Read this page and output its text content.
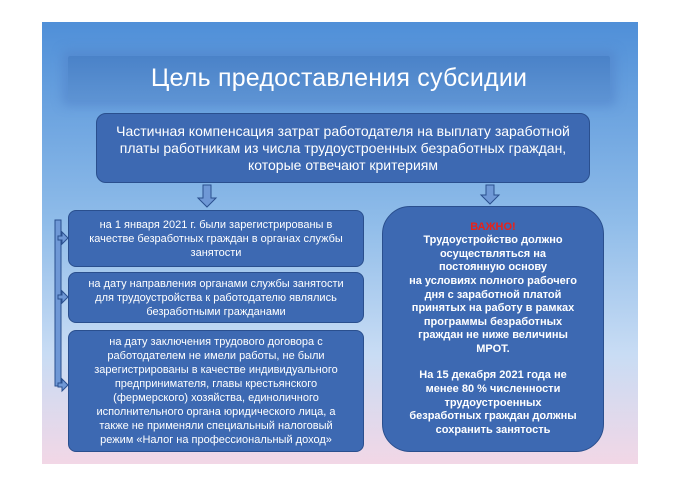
Цель предоставления субсидии
Частичная компенсация затрат работодателя на выплату заработной
платы работникам из числа трудоустроенных безработных граждан,
которые отвечают критериям
на 1 января 2021 г. были зарегистрированы в
качестве безработных граждан в органах службы
занятости
на дату направления органами службы занятости
для трудоустройства к работодателю являлись
безработными гражданами
на дату заключения трудового договора с
работодателем не имели работы, не были
зарегистрированы в качестве индивидуального
предпринимателя, главы крестьянского
(фермерского) хозяйства, единоличного
исполнительного органа юридического лица, а
также не применяли специальный налоговый
режим «Налог на профессиональный доход»
ВАЖНО!
Трудоустройство должно
осуществляться на
постоянную основу
на условиях полного рабочего
дня с заработной платой
принятых на работу в рамках
программы безработных
граждан не ниже величины
МРОТ.
На 15 декабря 2021 года не
менее 80 % численности
трудоустроенных
безработных граждан должны
сохранить занятость
